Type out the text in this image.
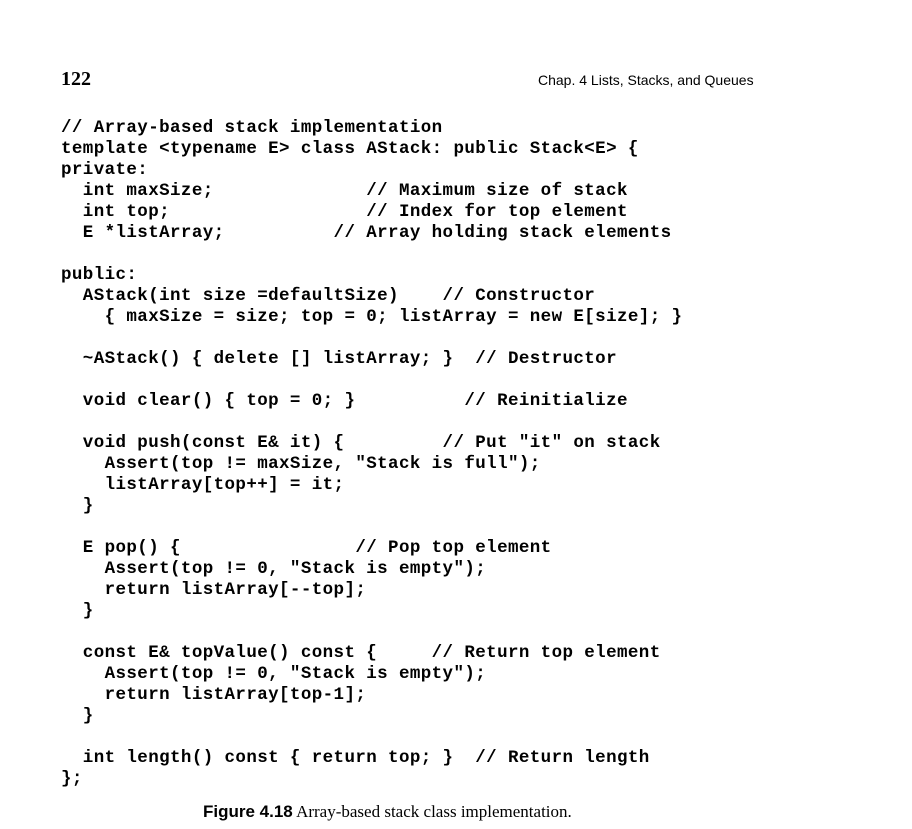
122	Chap. 4 Lists, Stacks, and Queues
// Array-based stack implementation
template <typename E> class AStack: public Stack<E> {
private:
int maxSize;              // Maximum size of stack
int top;                  // Index for top element
E *listArray;          // Array holding stack elements
public:
AStack(int size =defaultSize)    // Constructor
{ maxSize = size; top = 0; listArray = new E[size]; }
~AStack() { delete [] listArray; }  // Destructor
void clear() { top = 0; }          // Reinitialize
void push(const E& it) {         // Put "it" on stack
Assert(top != maxSize, "Stack is full");
listArray[top++] = it;
}
E pop() {                // Pop top element
Assert(top != 0, "Stack is empty");
return listArray[--top];
}
const E& topValue() const {     // Return top element
Assert(top != 0, "Stack is empty");
return listArray[top-1];
}
int length() const { return top; }  // Return length
};
Figure 4.18 Array-based stack class implementation.
